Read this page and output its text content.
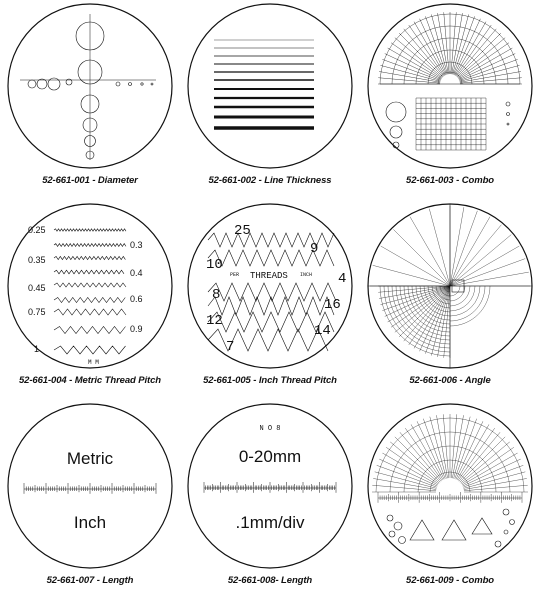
52-661-001 - Diameter	52-661-002 - Line Thickness	52-661-003 - Combo
0.25
0.35
0.45
0.75
1
0.3
0.4
0.6
0.9
M M
52-661-004 - Metric Thread Pitch
PER THREADS INCH
25
9
10
4
8
16
12
14
7
52-661-005 - Inch Thread Pitch	52-661-006 - Angle
Metric
Inch
52-661-007 - Length
N O 8
0-20mm
.1mm/div
52-661-008- Length	52-661-009 - Combo
